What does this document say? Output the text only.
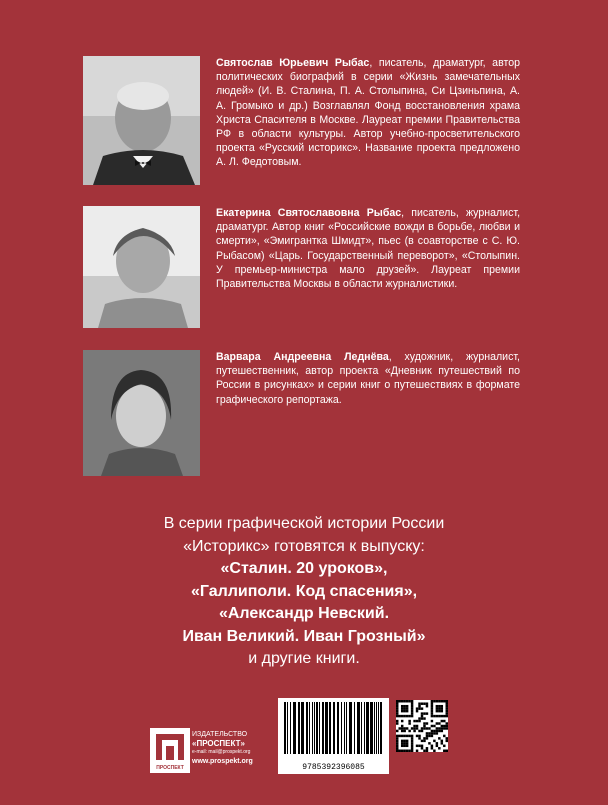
Святослав Юрьевич Рыбас, писатель, драматург, автор политических биографий в серии «Жизнь замечательных людей» (И. В. Сталина, П. А. Столыпина, Си Цзиньпина, А. А. Громыко и др.) Возглавлял Фонд восстановления храма Христа Спасителя в Москве. Лауреат премии Правительства РФ в области культуры. Автор учебно-просветительского проекта «Русский историкс». Название проекта предложено А. Л. Федотовым.
Екатерина Святославовна Рыбас, писатель, журналист, драматург. Автор книг «Российские вожди в борьбе, любви и смерти», «Эмигрантка Шмидт», пьес (в соавторстве с С. Ю. Рыбасом) «Царь. Государственный переворот», «Столыпин. У премьер-министра мало друзей». Лауреат премии Правительства Москвы в области журналистики.
Варвара Андреевна Леднёва, художник, журналист, путешественник, автор проекта «Дневник путешествий по России в рисунках» и серии книг о путешествиях в формате графического репортажа.
В серии графической истории России
«Историкс» готовятся к выпуску:
«Сталин. 20 уроков»,
«Галлиполи. Код спасения»,
«Александр Невский.
Иван Великий. Иван Грозный»
и другие книги.
ПРОСПЕКТ
ИЗДАТЕЛЬСТВО
«ПРОСПЕКТ»
e-mail: mail@prospekt.org
www.prospekt.org
9785392396085
